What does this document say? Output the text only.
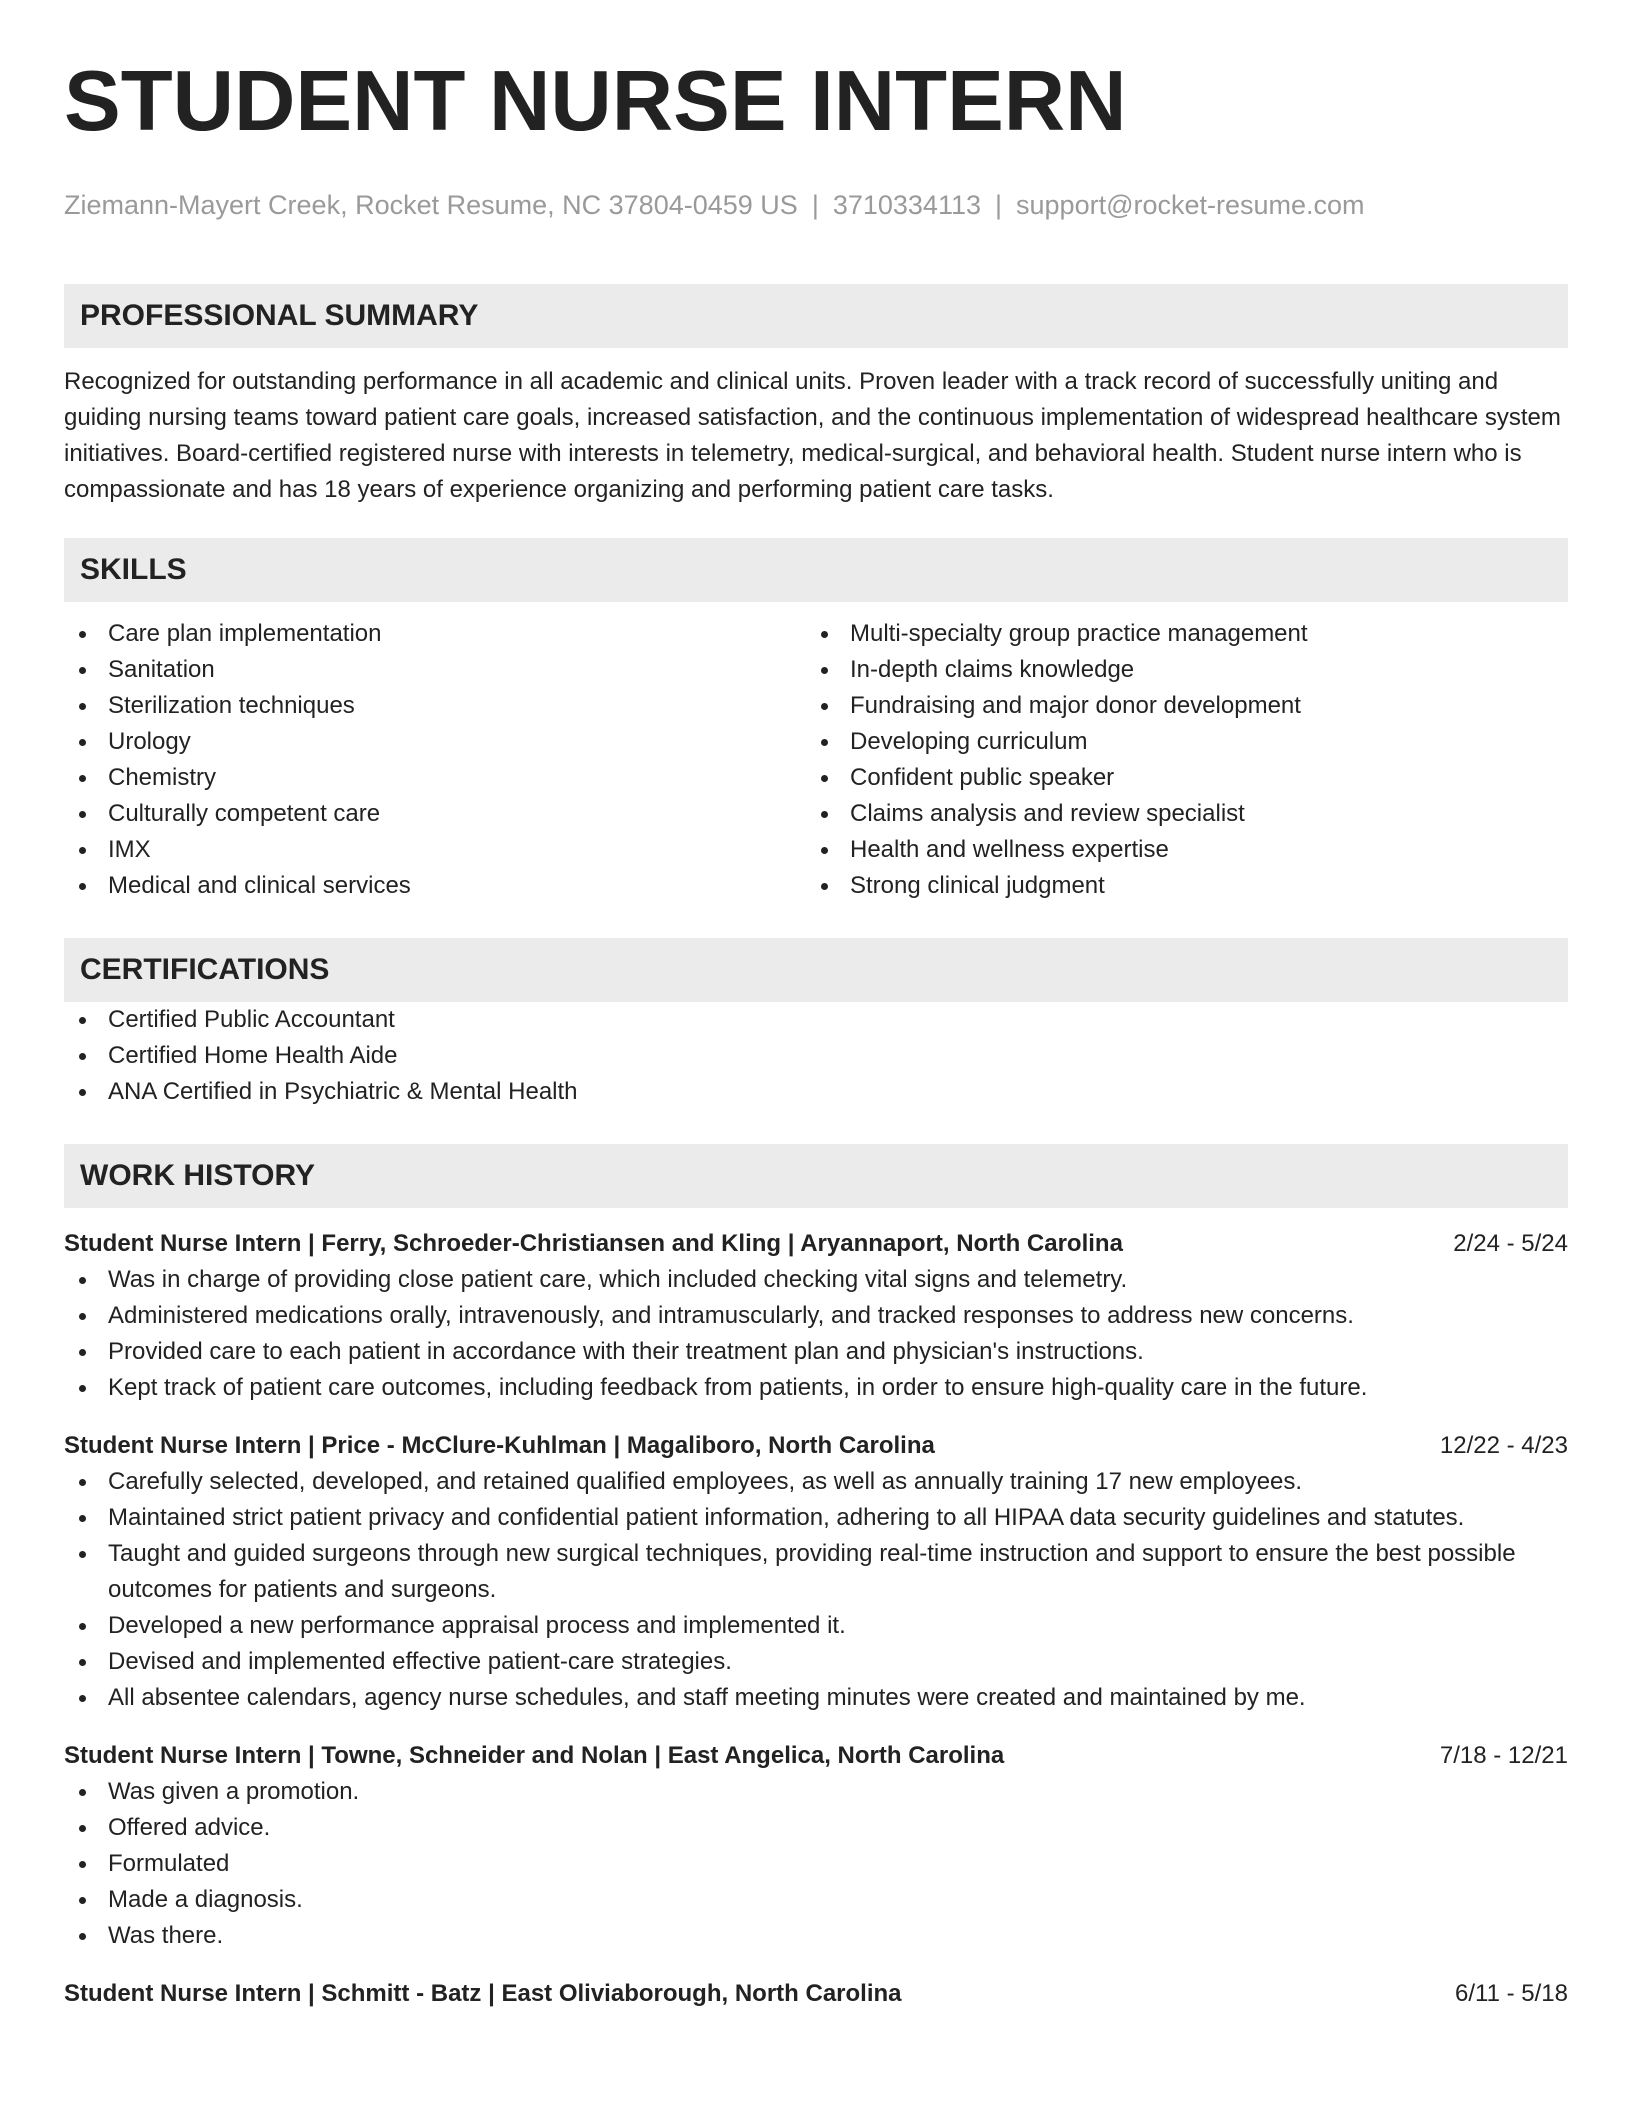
STUDENT NURSE INTERN
Ziemann-Mayert Creek, Rocket Resume, NC 37804-0459 US | 3710334113 | support@rocket-resume.com
PROFESSIONAL SUMMARY
Recognized for outstanding performance in all academic and clinical units. Proven leader with a track record of successfully uniting and guiding nursing teams toward patient care goals, increased satisfaction, and the continuous implementation of widespread healthcare system initiatives. Board-certified registered nurse with interests in telemetry, medical-surgical, and behavioral health. Student nurse intern who is compassionate and has 18 years of experience organizing and performing patient care tasks.
SKILLS
Care plan implementation
Sanitation
Sterilization techniques
Urology
Chemistry
Culturally competent care
IMX
Medical and clinical services
Multi-specialty group practice management
In-depth claims knowledge
Fundraising and major donor development
Developing curriculum
Confident public speaker
Claims analysis and review specialist
Health and wellness expertise
Strong clinical judgment
CERTIFICATIONS
Certified Public Accountant
Certified Home Health Aide
ANA Certified in Psychiatric & Mental Health
WORK HISTORY
Student Nurse Intern | Ferry, Schroeder-Christiansen and Kling | Aryannaport, North Carolina	2/24 - 5/24
Was in charge of providing close patient care, which included checking vital signs and telemetry.
Administered medications orally, intravenously, and intramuscularly, and tracked responses to address new concerns.
Provided care to each patient in accordance with their treatment plan and physician's instructions.
Kept track of patient care outcomes, including feedback from patients, in order to ensure high-quality care in the future.
Student Nurse Intern | Price - McClure-Kuhlman | Magaliboro, North Carolina	12/22 - 4/23
Carefully selected, developed, and retained qualified employees, as well as annually training 17 new employees.
Maintained strict patient privacy and confidential patient information, adhering to all HIPAA data security guidelines and statutes.
Taught and guided surgeons through new surgical techniques, providing real-time instruction and support to ensure the best possible outcomes for patients and surgeons.
Developed a new performance appraisal process and implemented it.
Devised and implemented effective patient-care strategies.
All absentee calendars, agency nurse schedules, and staff meeting minutes were created and maintained by me.
Student Nurse Intern | Towne, Schneider and Nolan | East Angelica, North Carolina	7/18 - 12/21
Was given a promotion.
Offered advice.
Formulated
Made a diagnosis.
Was there.
Student Nurse Intern | Schmitt - Batz | East Oliviaborough, North Carolina	6/11 - 5/18
